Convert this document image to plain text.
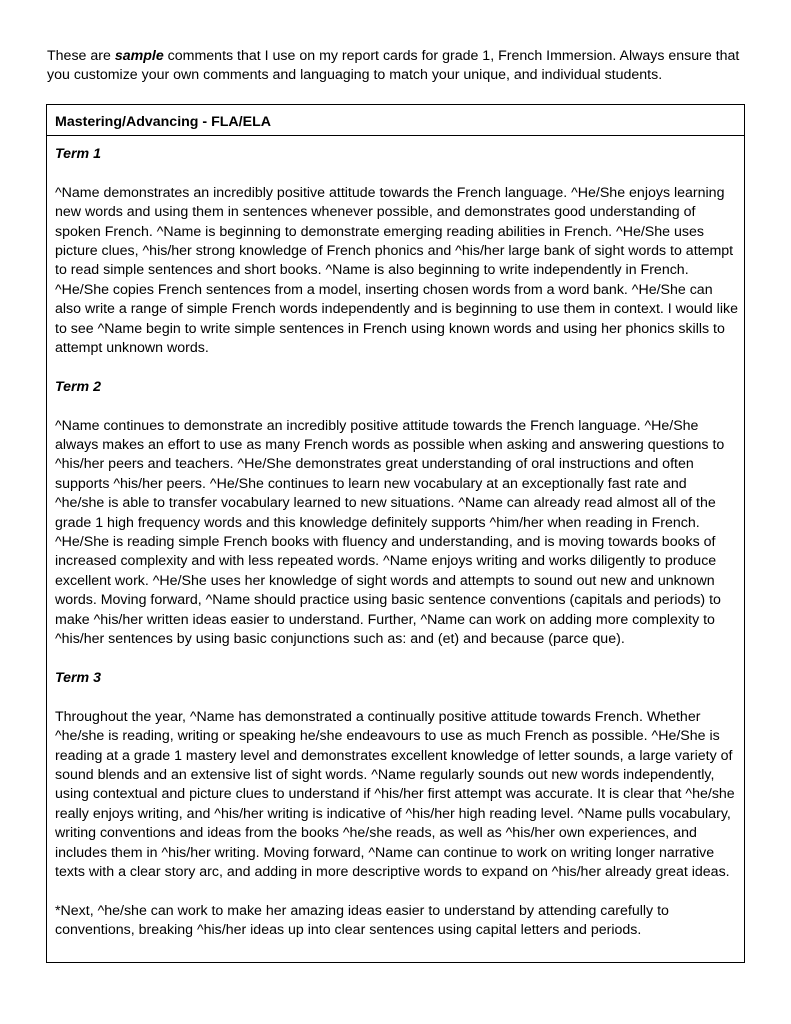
These are sample comments that I use on my report cards for grade 1, French Immersion. Always ensure that you customize your own comments and languaging to match your unique, and individual students.

Mastering/Advancing - FLA/ELA
Term 1

^Name demonstrates an incredibly positive attitude towards the French language. ^He/She enjoys learning new words and using them in sentences whenever possible, and demonstrates good understanding of spoken French. ^Name is beginning to demonstrate emerging reading abilities in French. ^He/She uses picture clues, ^his/her strong knowledge of French phonics and ^his/her large bank of sight words to attempt to read simple sentences and short books. ^Name is also beginning to write independently in French. ^He/She copies French sentences from a model, inserting chosen words from a word bank. ^He/She can also write a range of simple French words independently and is beginning to use them in context. I would like to see ^Name begin to write simple sentences in French using known words and using her phonics skills to attempt unknown words.

Term 2

^Name continues to demonstrate an incredibly positive attitude towards the French language. ^He/She always makes an effort to use as many French words as possible when asking and answering questions to ^his/her peers and teachers. ^He/She demonstrates great understanding of oral instructions and often supports ^his/her peers. ^He/She continues to learn new vocabulary at an exceptionally fast rate and ^he/she is able to transfer vocabulary learned to new situations. ^Name can already read almost all of the grade 1 high frequency words and this knowledge definitely supports ^him/her when reading in French. ^He/She is reading simple French books with fluency and understanding, and is moving towards books of increased complexity and with less repeated words. ^Name enjoys writing and works diligently to produce excellent work. ^He/She uses her knowledge of sight words and attempts to sound out new and unknown words. Moving forward, ^Name should practice using basic sentence conventions (capitals and periods) to make ^his/her written ideas easier to understand. Further, ^Name can work on adding more complexity to ^his/her sentences by using basic conjunctions such as: and (et) and because (parce que).

Term 3

Throughout the year, ^Name has demonstrated a continually positive attitude towards French. Whether ^he/she is reading, writing or speaking he/she endeavours to use as much French as possible. ^He/She is reading at a grade 1 mastery level and demonstrates excellent knowledge of letter sounds, a large variety of sound blends and an extensive list of sight words. ^Name regularly sounds out new words independently, using contextual and picture clues to understand if ^his/her first attempt was accurate. It is clear that ^he/she really enjoys writing, and ^his/her writing is indicative of ^his/her high reading level. ^Name pulls vocabulary, writing conventions and ideas from the books ^he/she reads, as well as ^his/her own experiences, and includes them in ^his/her writing. Moving forward, ^Name can continue to work on writing longer narrative texts with a clear story arc, and adding in more descriptive words to expand on ^his/her already great ideas.

*Next, ^he/she can work to make her amazing ideas easier to understand by attending carefully to conventions, breaking ^his/her ideas up into clear sentences using capital letters and periods.
